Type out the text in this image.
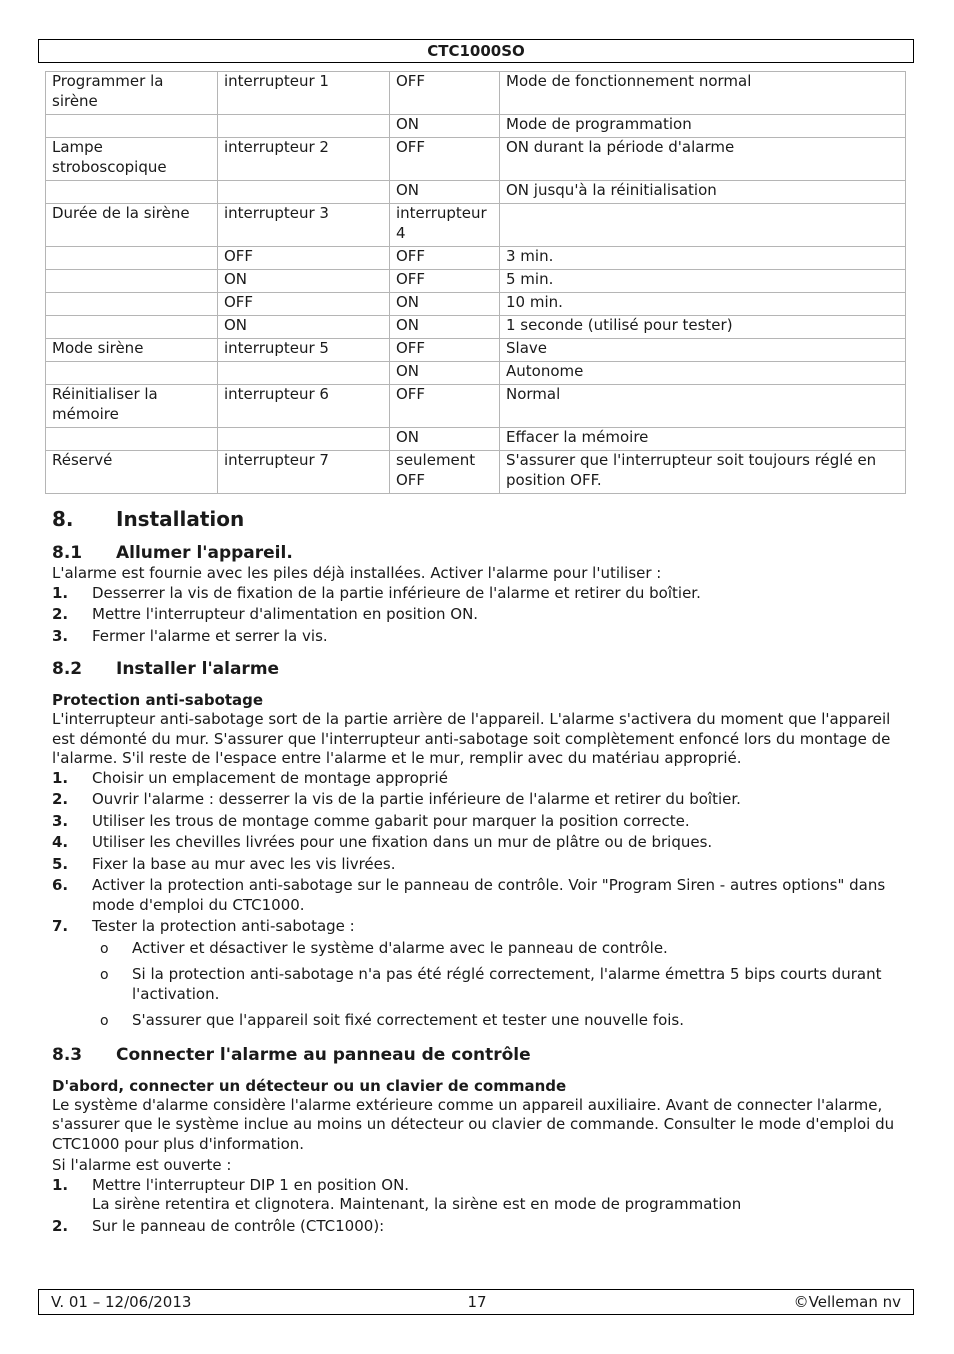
CTC1000SO
Programmer la sirène	interrupteur 1	OFF	Mode de fonctionnement normal
		ON	Mode de programmation
Lampe stroboscopique	interrupteur 2	OFF	ON durant la période d'alarme
		ON	ON jusqu'à la réinitialisation
Durée de la sirène	interrupteur 3	interrupteur 4	
	OFF	OFF	3 min.
	ON	OFF	5 min.
	OFF	ON	10 min.
	ON	ON	1 seconde (utilisé pour tester)
Mode sirène	interrupteur 5	OFF	Slave
		ON	Autonome
Réinitialiser la mémoire	interrupteur 6	OFF	Normal
		ON	Effacer la mémoire
Réservé	interrupteur 7	seulement OFF	S'assurer que l'interrupteur soit toujours réglé en position OFF.
8. Installation
8.1 Allumer l'appareil.

L'alarme est fournie avec les piles déjà installées. Activer l'alarme pour l'utiliser :

1. Desserrer la vis de fixation de la partie inférieure de l'alarme et retirer du boîtier.
2. Mettre l'interrupteur d'alimentation en position ON.
3. Fermer l'alarme et serrer la vis.
8.2 Installer l'alarme
Protection anti-sabotage

L'interrupteur anti-sabotage sort de la partie arrière de l'appareil. L'alarme s'activera du moment que l'appareil est démonté du mur. S'assurer que l'interrupteur anti-sabotage soit complètement enfoncé lors du montage de l'alarme. S'il reste de l'espace entre l'alarme et le mur, remplir avec du matériau approprié.

1. Choisir un emplacement de montage approprié
2. Ouvrir l'alarme : desserrer la vis de la partie inférieure de l'alarme et retirer du boîtier.
3. Utiliser les trous de montage comme gabarit pour marquer la position correcte.
4. Utiliser les chevilles livrées pour une fixation dans un mur de plâtre ou de briques.
5. Fixer la base au mur avec les vis livrées.
6. Activer la protection anti-sabotage sur le panneau de contrôle. Voir "Program Siren - autres options" dans mode d'emploi du CTC1000.
7. Tester la protection anti-sabotage :
o Activer et désactiver le système d'alarme avec le panneau de contrôle.
o Si la protection anti-sabotage n'a pas été réglé correctement, l'alarme émettra 5 bips courts durant l'activation.
o S'assurer que l'appareil soit fixé correctement et tester une nouvelle fois.
8.3 Connecter l'alarme au panneau de contrôle
D'abord, connecter un détecteur ou un clavier de commande

Le système d'alarme considère l'alarme extérieure comme un appareil auxiliaire. Avant de connecter l'alarme, s'assurer que le système inclue au moins un détecteur ou clavier de commande. Consulter le mode d'emploi du CTC1000 pour plus d'information.

Si l'alarme est ouverte :

1. Mettre l'interrupteur DIP 1 en position ON.
La sirène retentira et clignotera. Maintenant, la sirène est en mode de programmation
2. Sur le panneau de contrôle (CTC1000):
V. 01 – 12/06/2013	17	©Velleman nv
